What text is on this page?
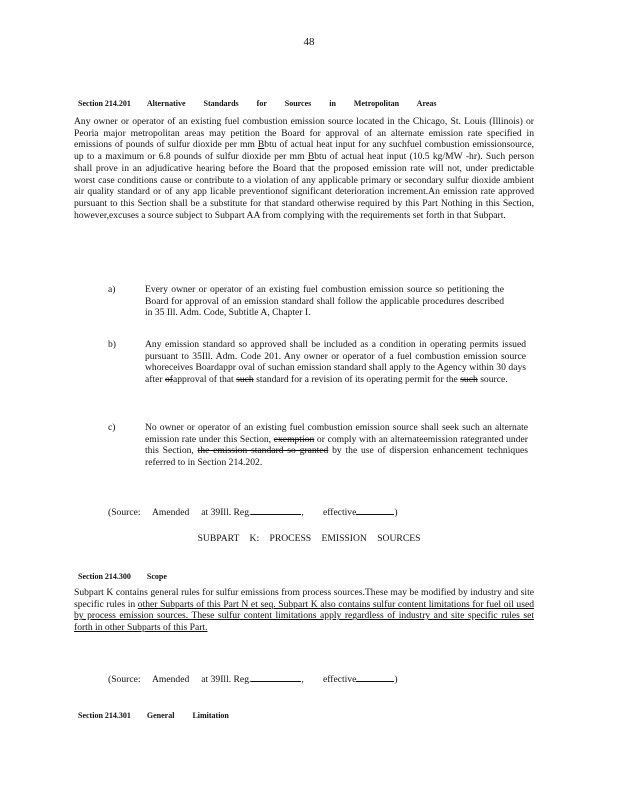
48

Section 214.201 Alternative Standards for Sources in Metropolitan Areas

Any owner or operator of an existing fuel combustion emission source located in the Chicago, St. Louis (Illinois) or Peoria major metropolitan areas may petition the Board for approval of an alternate emission rate specified in emissions of pounds of sulfur dioxide per mm Bbtu of actual heat input for any suchfuel combustion emissionsource, up to a maximum or 6.8 pounds of sulfur dioxide per mm Bbtu of actual heat input (10.5 kg/MW -hr). Such person shall prove in an adjudicative hearing before the Board that the proposed emission rate will not, under predictable worst case conditions cause or contribute to a violation of any applicable primary or secondary sulfur dioxide ambient air quality standard or of any app licable preventionof significant deterioration increment.An emission rate approved pursuant to this Section shall be a substitute for that standard otherwise required by this Part Nothing in this Section, however,excuses a source subject to Subpart AA from complying with the requirements set forth in that Subpart.
a)	Every owner or operator of an existing fuel combustion emission source so petitioning the Board for approval of an emission standard shall follow the applicable procedures described in 35 Ill. Adm. Code, Subtitle A, Chapter I.
b)	Any emission standard so approved shall be included as a condition in operating permits issued pursuant to 35Ill. Adm. Code 201. Any owner or operator of a fuel combustion emission source whoreceives Boardappr oval of suchan emission standard shall apply to the Agency within 30 days after ofapproval of that such standard for a revision of its operating permit for the such source.
c)	No owner or operator of an existing fuel combustion emission source shall seek such an alternate emission rate under this Section, exemption or comply with an alternateemission rategranted under this Section, the emission standard so granted by the use of dispersion enhancement techniques referred to in Section 214.202.
(Source: Amended at 39Ill. Reg.	,        effective	)
SUBPART K: PROCESS EMISSION SOURCES

Section 214.300 Scope

Subpart K contains general rules for sulfur emissions from process sources.These may be modified by industry and site specific rules in other Subparts of this Part N et seq. Subpart K also contains sulfur content limitations for fuel oil used by process emission sources. These sulfur content limitations apply regardless of industry and site specific rules set forth in other Subparts of this Part.
(Source: Amended at 39Ill. Reg.	,        effective	)

Section 214.301 General Limitation
